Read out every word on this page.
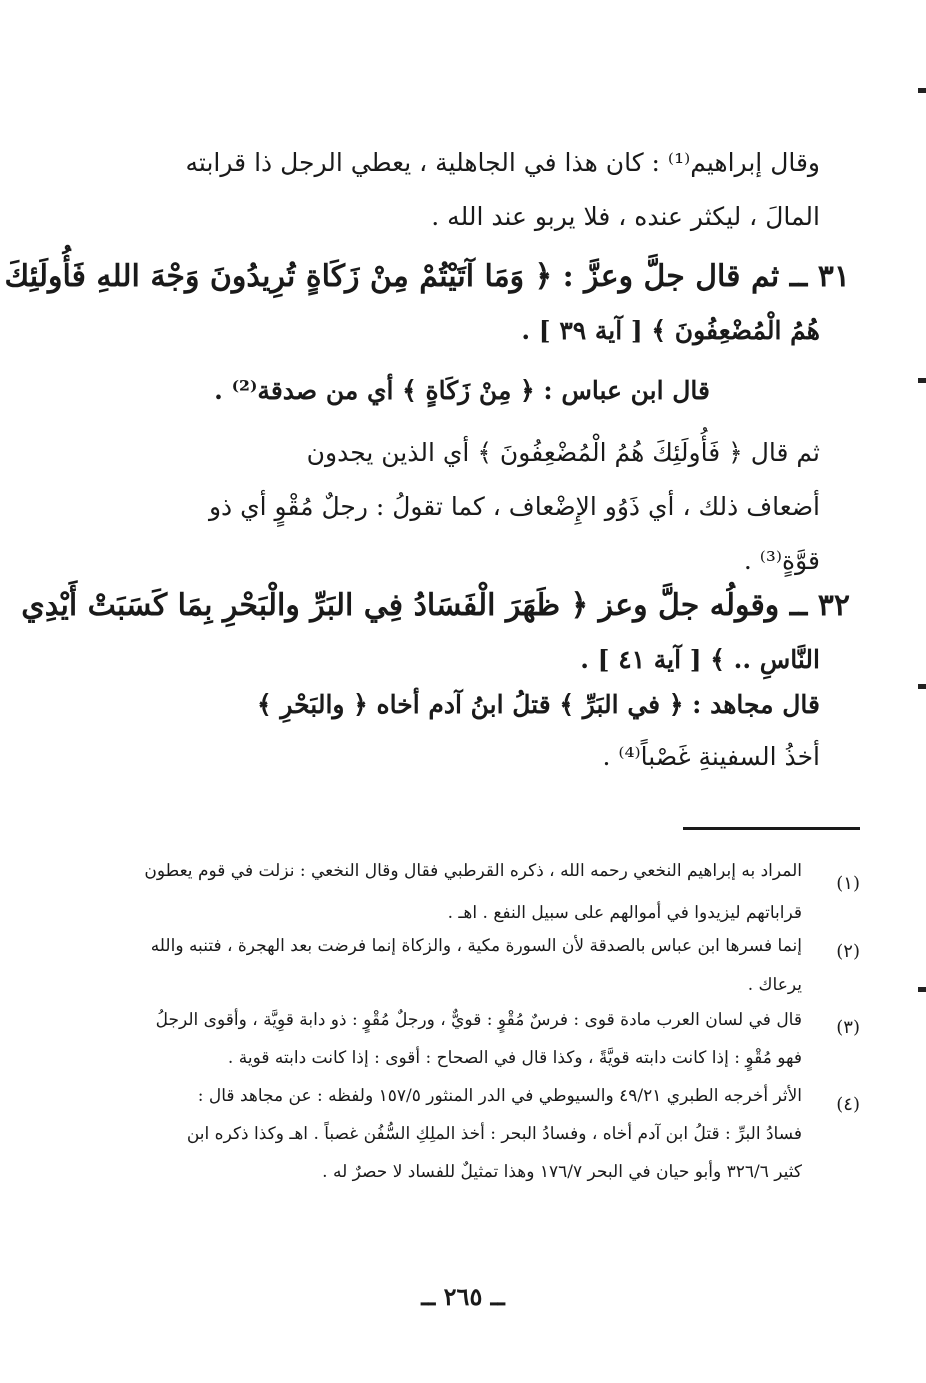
وقال إبراهيم⁽¹⁾ : كان هذا في الجاهلية ، يعطي الرجل ذا قرابته
المالَ ، ليكثر عنده ، فلا يربو عند الله .
٣١ ــ ثم قال جلَّ وعزَّ : ﴿ وَمَا آتَيْتُمْ مِنْ زَكَاةٍ تُرِيدُونَ وَجْهَ اللهِ فَأُولَئِكَ
هُمُ الْمُضْعِفُونَ ﴾ [ آية ٣٩ ] .
قال ابن عباس : ﴿ مِنْ زَكَاةٍ ﴾ أي من صدقة⁽²⁾ .
ثم قال ﴿ فَأُولَئِكَ هُمُ الْمُضْعِفُونَ ﴾ أي الذين يجدون
أضعاف ذلك ، أي ذَوُو الإِضْعاف ، كما تقولُ : رجلٌ مُقْوٍ أي ذو
قوَّةٍ⁽³⁾ .
٣٢ ــ وقولُه جلَّ وعز ﴿ ظَهَرَ الْفَسَادُ فِي البَرِّ والْبَحْرِ بِمَا كَسَبَتْ أَيْدِي
النَّاسِ .. ﴾ [ آية ٤١ ] .
قال مجاهد : ﴿ في البَرِّ ﴾ قتلُ ابنُ آدم أخاه ﴿ والبَحْرِ ﴾
أخذُ السفينةِ غَصْباً⁽⁴⁾ .
(١)
المراد به إبراهيم النخعي رحمه الله ، ذكره القرطبي فقال وقال النخعي : نزلت في قوم يعطون
قراباتهم ليزيدوا في أموالهم على سبيل النفع . اهـ .
(٢)
إنما فسرها ابن عباس بالصدقة لأن السورة مكية ، والزكاة إنما فرضت بعد الهجرة ، فتنبه والله
يرعاك .
(٣)
قال في لسان العرب مادة قوى : فرسٌ مُقْوٍ : قويٌّ ، ورجلٌ مُقْوٍ : ذو دابة قوِيَّة ، وأقوى الرجلُ
فهو مُقْوٍ : إذا كانت دابته قويَّةً ، وكذا قال في الصحاح : أقوى : إذا كانت دابته قوية .
(٤)
الأثر أخرجه الطبري ٤٩/٢١ والسيوطي في الدر المنثور ١٥٧/٥ ولفظه : عن مجاهد قال :
فسادُ البرِّ : قتلُ ابن آدم أخاه ، وفسادُ البحر : أخذ الملِكِ السُّفُن غصباً . اهـ وكذا ذكره ابن
كثير ٣٢٦/٦ وأبو حيان في البحر ١٧٦/٧ وهذا تمثيلٌ للفساد لا حصرٌ له .
ــ ٢٦٥ ــ
